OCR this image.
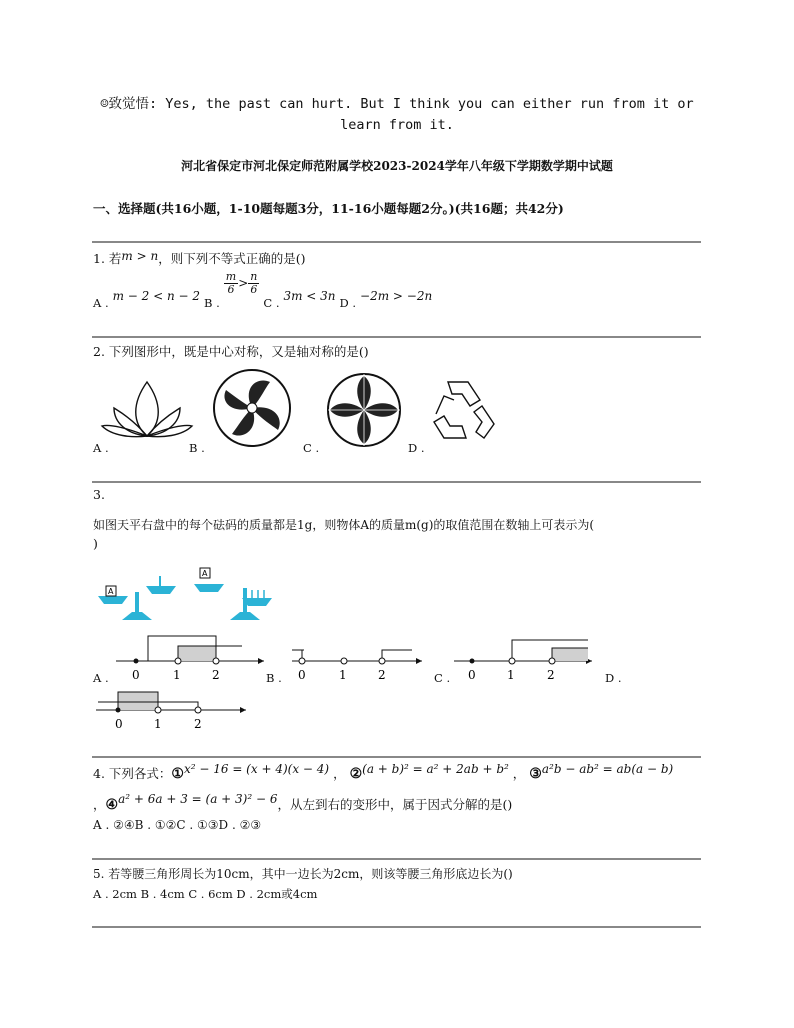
☺致觉悟: Yes, the past can hurt. But I think you can either run from it or learn from it.
河北省保定市河北保定师范附属学校2023-2024学年八年级下学期数学期中试题
一、选择题(共16小题，1-10题每题3分，11-16小题每题2分。)(共16题；共42分)
1. 若m > n，则下列不等式正确的是()
A . m − 2 < n − 2 B .
$\frac{m}{6} > \frac{n}{6}$
C . 3m < 3n D . −2m > −2n
2. 下列图形中，既是中心对称，又是轴对称的是()
A .	B .	C .	D .
3.
如图天平右盘中的每个砝码的质量都是1g，则物体A的质量m(g)的取值范围在数轴上可表示为(
)
A
A
0	1	2	0	1	2	0	1	2
0	1	2
A .	B .	C .	D .
4. 下列各式：①x² − 16 = (x + 4)(x − 4) ， ②(a + b)² = a² + 2ab + b² ， ③a²b − ab² = ab(a − b)
，④a² + 6a + 3 = (a + 3)² − 6，从左到右的变形中，属于因式分解的是()
A . ②④B . ①②C . ①③D . ②③
5. 若等腰三角形周长为10cm，其中一边长为2cm，则该等腰三角形底边长为()
A . 2cm B . 4cm C . 6cm D . 2cm或4cm
